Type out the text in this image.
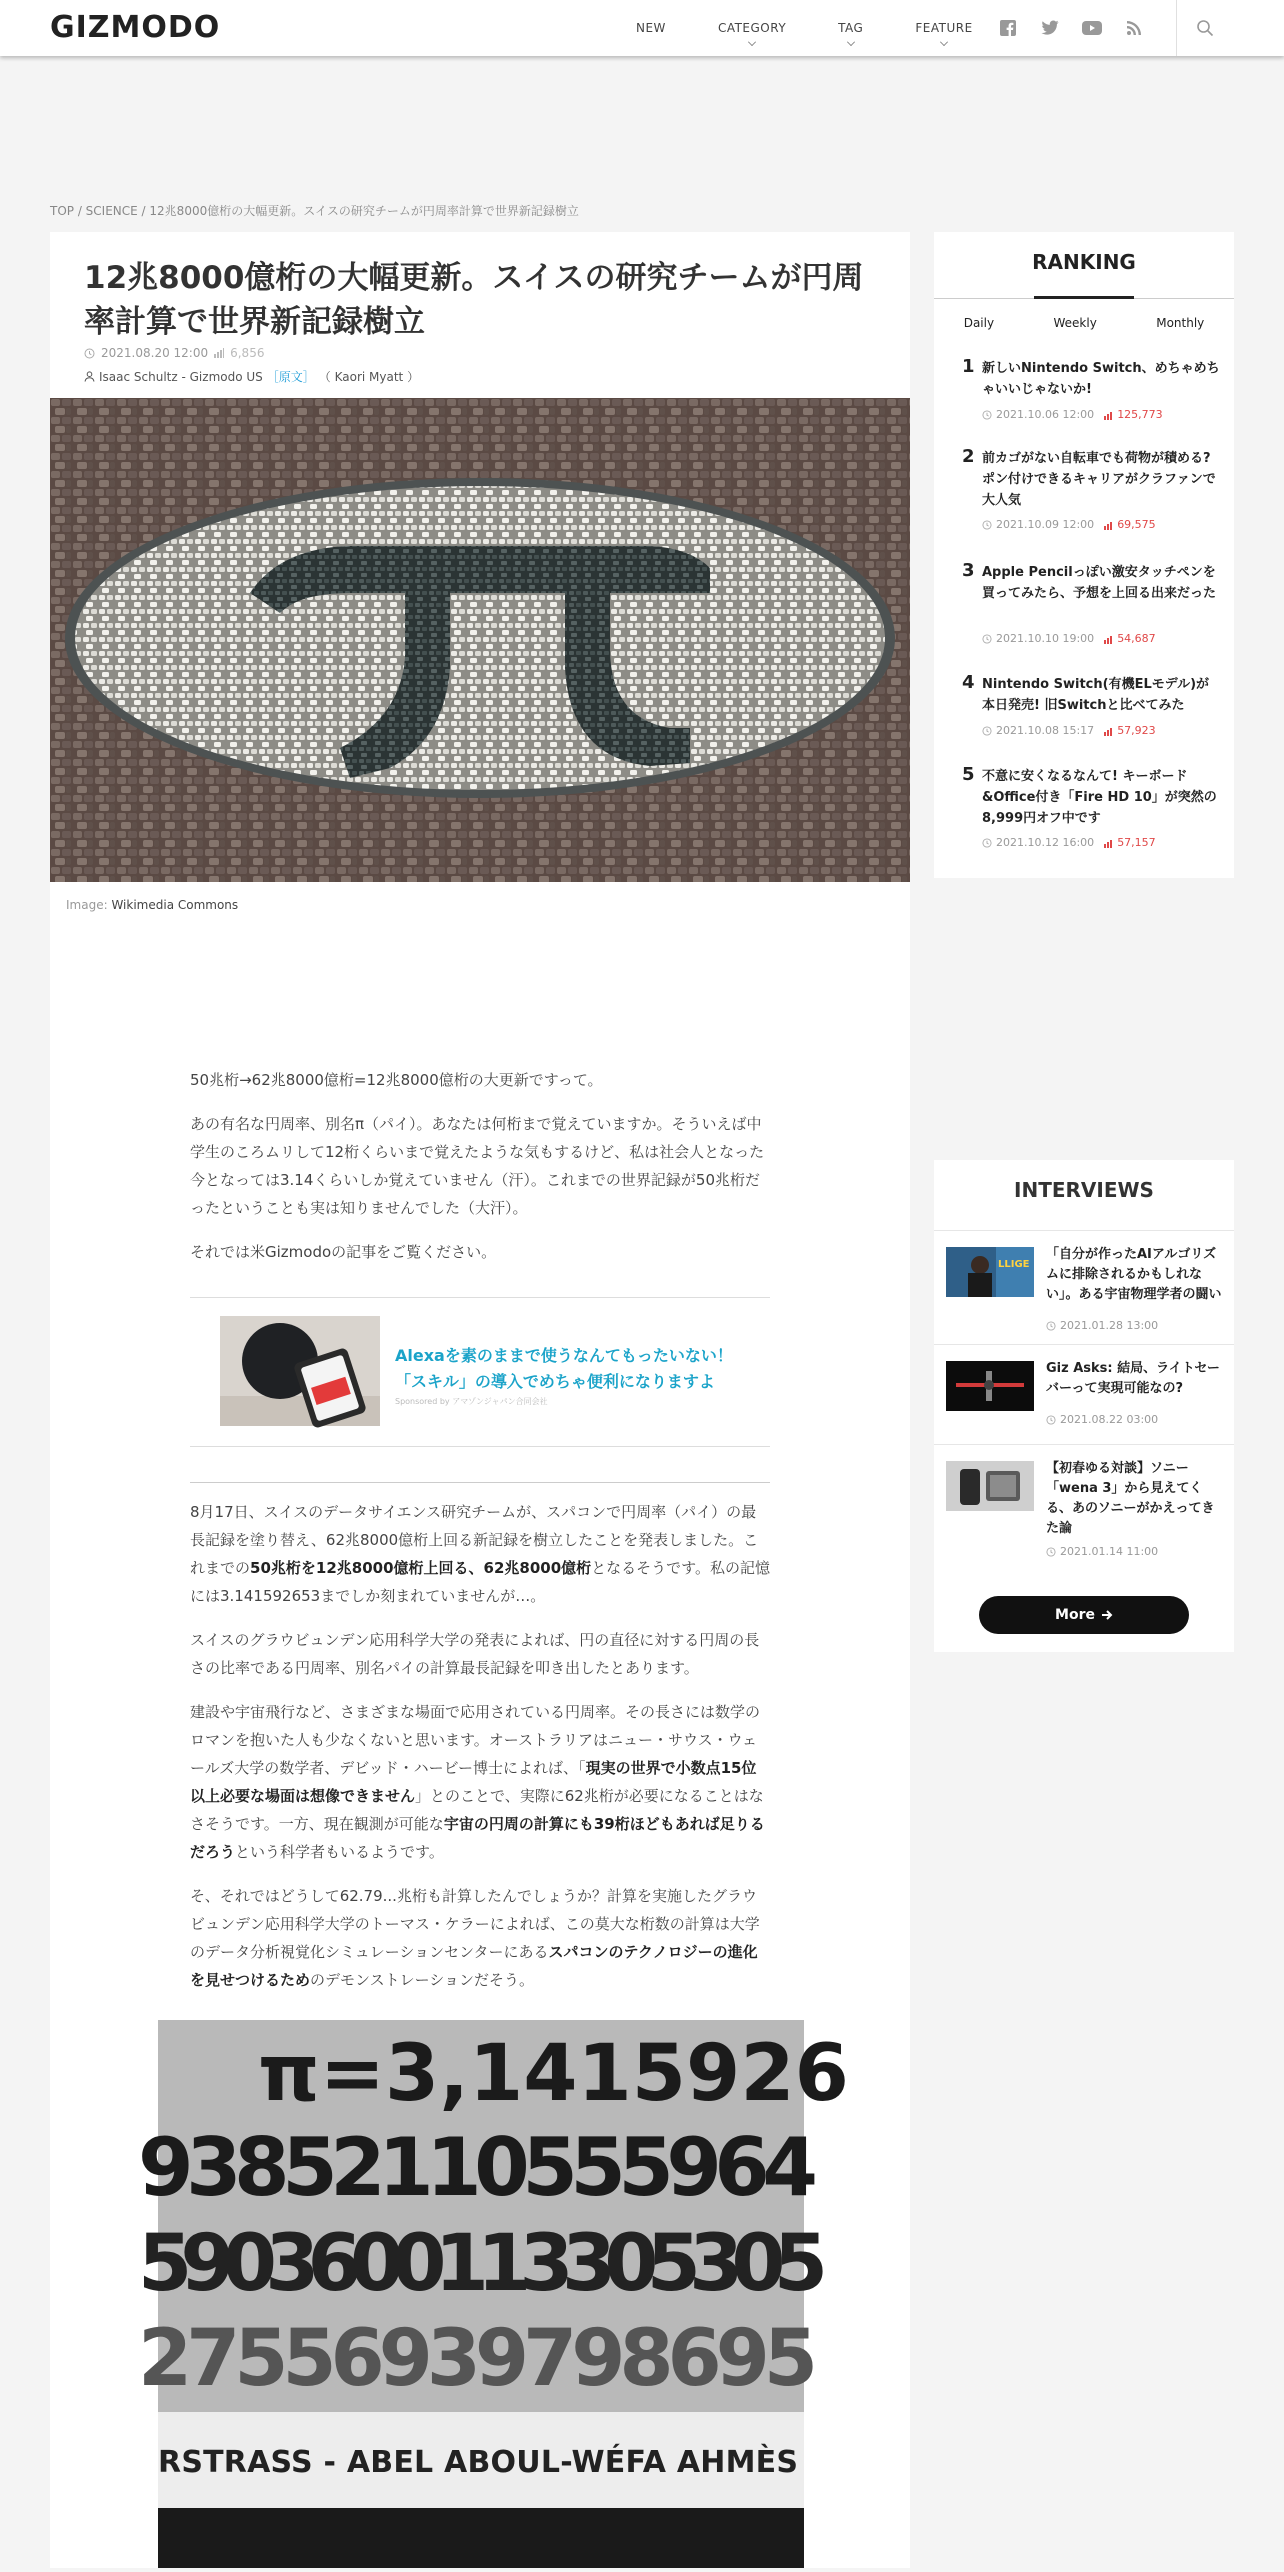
GIZMODO	NEW	CATEGORY	TAG	FEATURE
TOP / SCIENCE / 12兆8000億桁の大幅更新。スイスの研究チームが円周率計算で世界新記録樹立
12兆8000億桁の大幅更新。スイスの研究チームが円周率計算で世界新記録樹立
2021.08.20 12:00 6,856
Isaac Schultz - Gizmodo US ［原文］ （ Kaori Myatt ）
Image: Wikimedia Commons

50兆桁→62兆8000億桁=12兆8000億桁の大更新ですって。

あの有名な円周率、別名π（パイ）。あなたは何桁まで覚えていますか。そういえば中学生のころムリして12桁くらいまで覚えたような気もするけど、私は社会人となった今となっては3.14くらいしか覚えていません（汗）。これまでの世界記録が50兆桁だったということも実は知りませんでした（大汗）。

それでは米Gizmodoの記事をご覧ください。

Alexaを素のままで使うなんてもったいない！
「スキル」の導入でめちゃ便利になりますよ
Sponsored by アマゾンジャパン合同会社

8月17日、スイスのデータサイエンス研究チームが、スパコンで円周率（パイ）の最長記録を塗り替え、62兆8000億桁上回る新記録を樹立したことを発表しました。これまでの50兆桁を12兆8000億桁上回る、62兆8000億桁となるそうです。私の記憶には3.141592653までしか刻まれていませんが…。

スイスのグラウビュンデン応用科学大学の発表によれば、円の直径に対する円周の長さの比率である円周率、別名パイの計算最長記録を叩き出したとあります。

建設や宇宙飛行など、さまざまな場面で応用されている円周率。その長さには数学のロマンを抱いた人も少なくないと思います。オーストラリアはニュー・サウス・ウェールズ大学の数学者、デビッド・ハービー博士によれば、「現実の世界で小数点15位以上必要な場面は想像できません」とのことで、実際に62兆桁が必要になることはなさそうです。一方、現在観測が可能な宇宙の円周の計算にも39桁ほどもあれば足りるだろうという科学者もいるようです。

そ、それではどうして62.79...兆桁も計算したんでしょうか？計算を実施したグラウビュンデン応用科学大学のトーマス・ケラーによれば、この莫大な桁数の計算は大学のデータ分析視覚化シミュレーションセンターにあるスパコンのテクノロジーの進化を見せつけるためのデモンストレーションだそう。

π=3,1415926
93852110555964
5903600113305305
27556939798695
RSTRASS - ABEL ABOUL-WÉFA AHMÈS
RANKING
Daily	Weekly	Monthly
1 新しいNintendo Switch、めちゃめちゃいいじゃないか!
2021.10.06 12:00 125,773
2 前カゴがない自転車でも荷物が積める? ポン付けできるキャリアがクラファンで大人気
2021.10.09 12:00 69,575
3 Apple Pencilっぽい激安タッチペンを買ってみたら、予想を上回る出来だった
2021.10.10 19:00 54,687
4 Nintendo Switch(有機ELモデル)が本日発売! 旧Switchと比べてみた
2021.10.08 15:17 57,923
5 不意に安くなるなんて! キーボード&Office付き「Fire HD 10」が突然の8,999円オフ中です
2021.10.12 16:00 57,157
INTERVIEWS
LLIGE
「自分が作ったAIアルゴリズムに排除されるかもしれない」。ある宇宙物理学者の闘い
2021.01.28 13:00
Giz Asks: 結局、ライトセーバーって実現可能なの?
2021.08.22 03:00
【初春ゆる対談】ソニー「wena 3」から見えてくる、あのソニーがかえってきた論
2021.01.14 11:00
More
